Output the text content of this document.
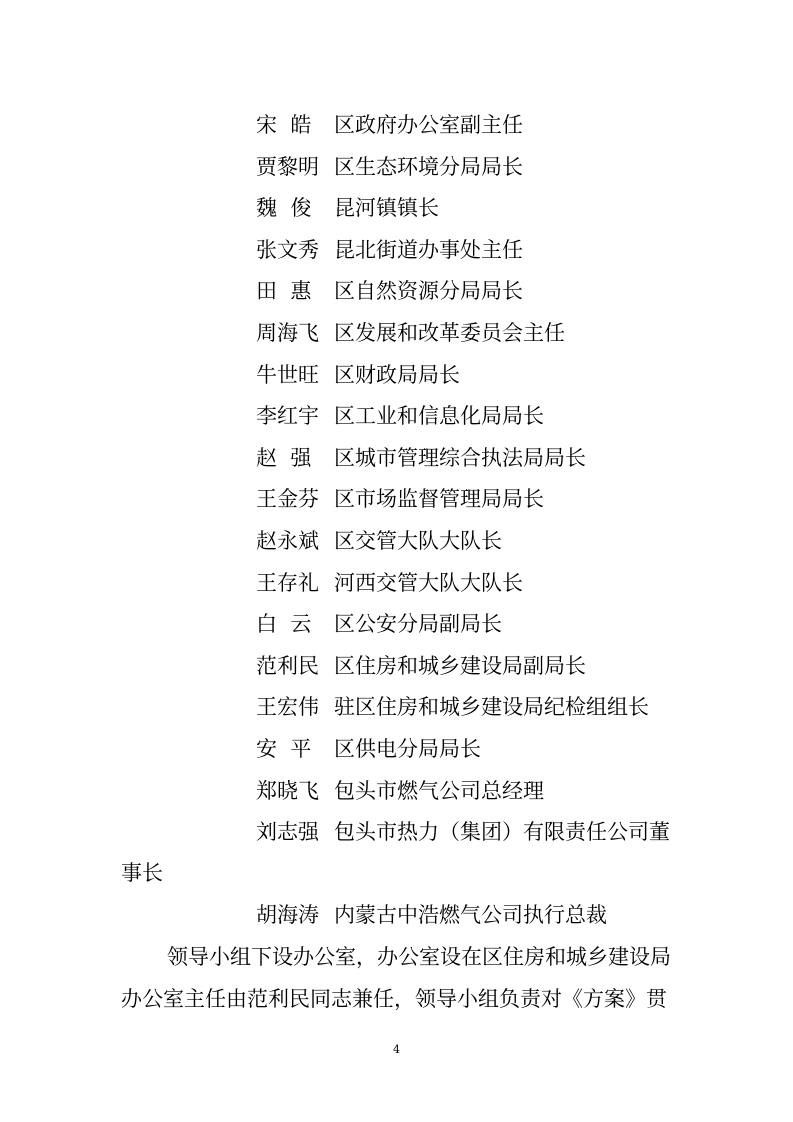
宋  皓 区政府办公室副主任
贾黎明 区生态环境分局局长
魏  俊 昆河镇镇长
张文秀 昆北街道办事处主任
田  惠 区自然资源分局局长
周海飞 区发展和改革委员会主任
牛世旺 区财政局局长
李红宇 区工业和信息化局局长
赵  强 区城市管理综合执法局局长
王金芬 区市场监督管理局局长
赵永斌 区交管大队大队长
王存礼 河西交管大队大队长
白  云 区公安分局副局长
范利民 区住房和城乡建设局副局长
王宏伟 驻区住房和城乡建设局纪检组组长
安  平 区供电分局局长
郑晓飞 包头市燃气公司总经理
刘志强 包头市热力（集团）有限责任公司董
事长
胡海涛 内蒙古中浩燃气公司执行总裁
领导小组下设办公室，办公室设在区住房和城乡建设局
办公室主任由范利民同志兼任，领导小组负责对《方案》贯
4
